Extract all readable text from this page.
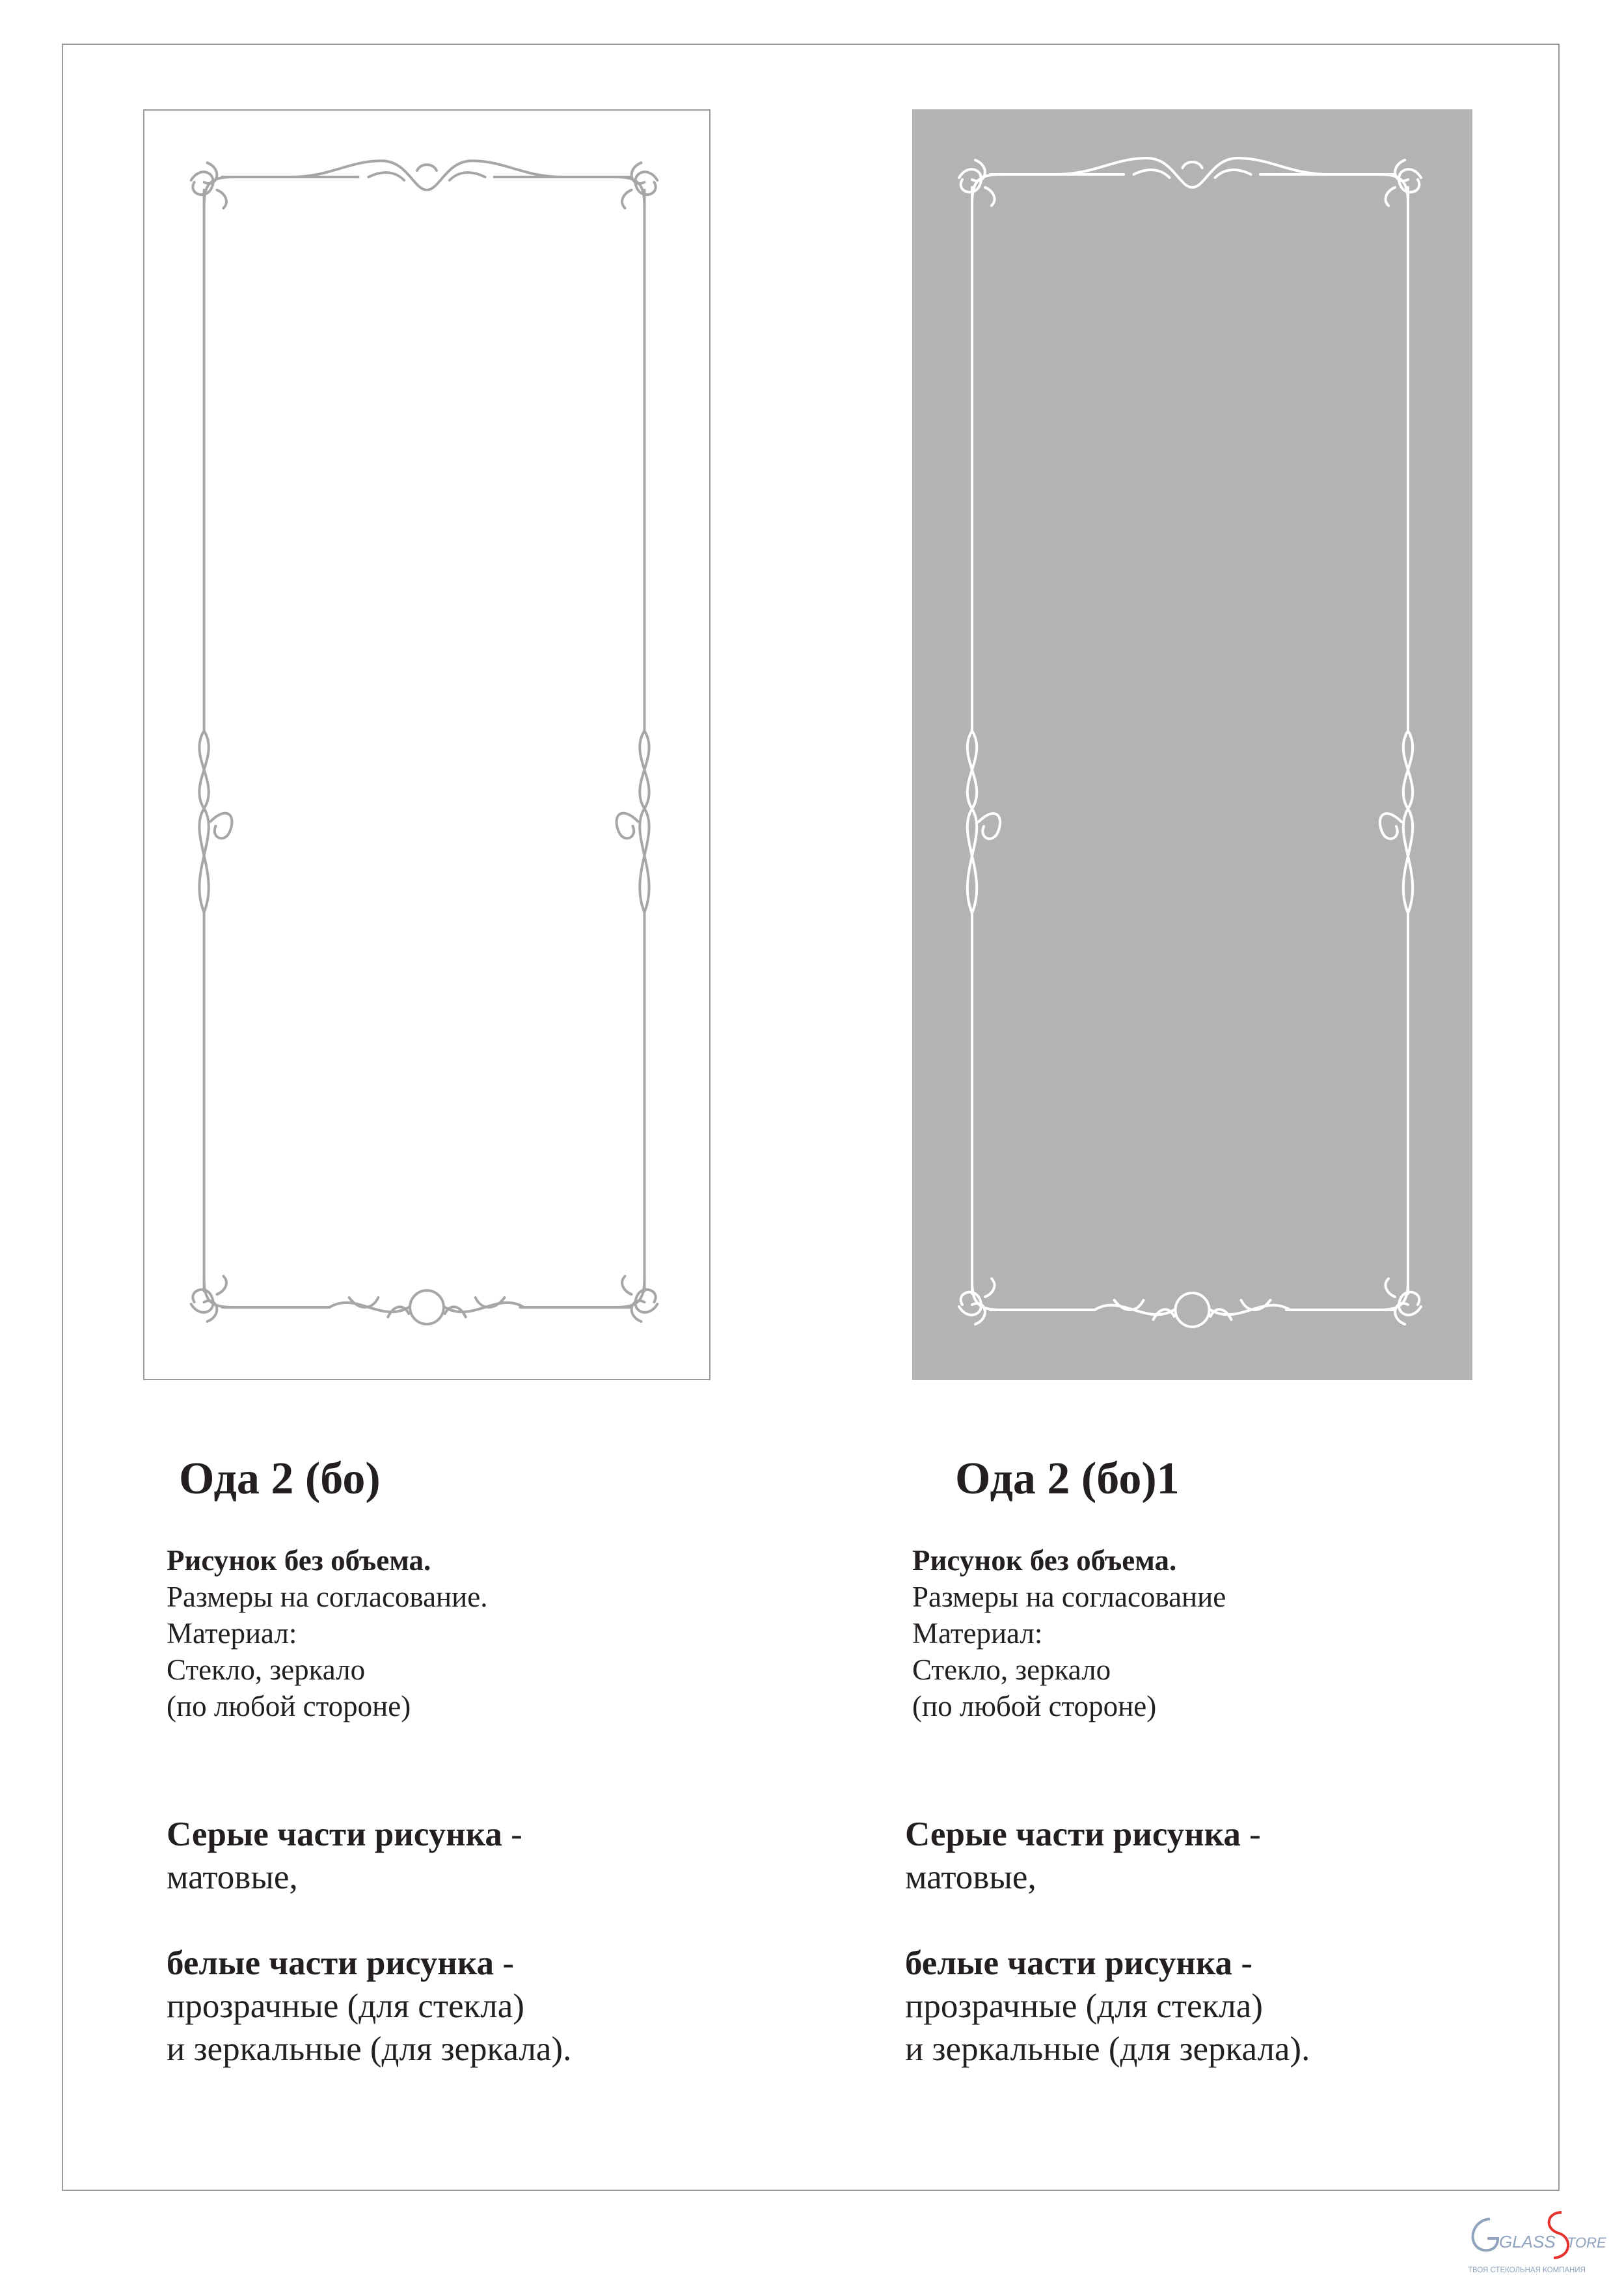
Ода 2 (бо)	Ода 2 (бо)1
Рисунок без объема.
Размеры на согласование.
Материал:
Стекло, зеркало
(по любой стороне)
Рисунок без объема.
Размеры на согласование
Материал:
Стекло, зеркало
(по любой стороне)
Серые части рисунка -
матовые,
белые части рисунка -
прозрачные (для стекла)
и зеркальные (для зеркала).
Серые части рисунка -
матовые,
белые части рисунка -
прозрачные (для стекла)
и зеркальные (для зеркала).
GLASS TORE
ТВОЯ СТЕКОЛЬНАЯ КОМПАНИЯ
